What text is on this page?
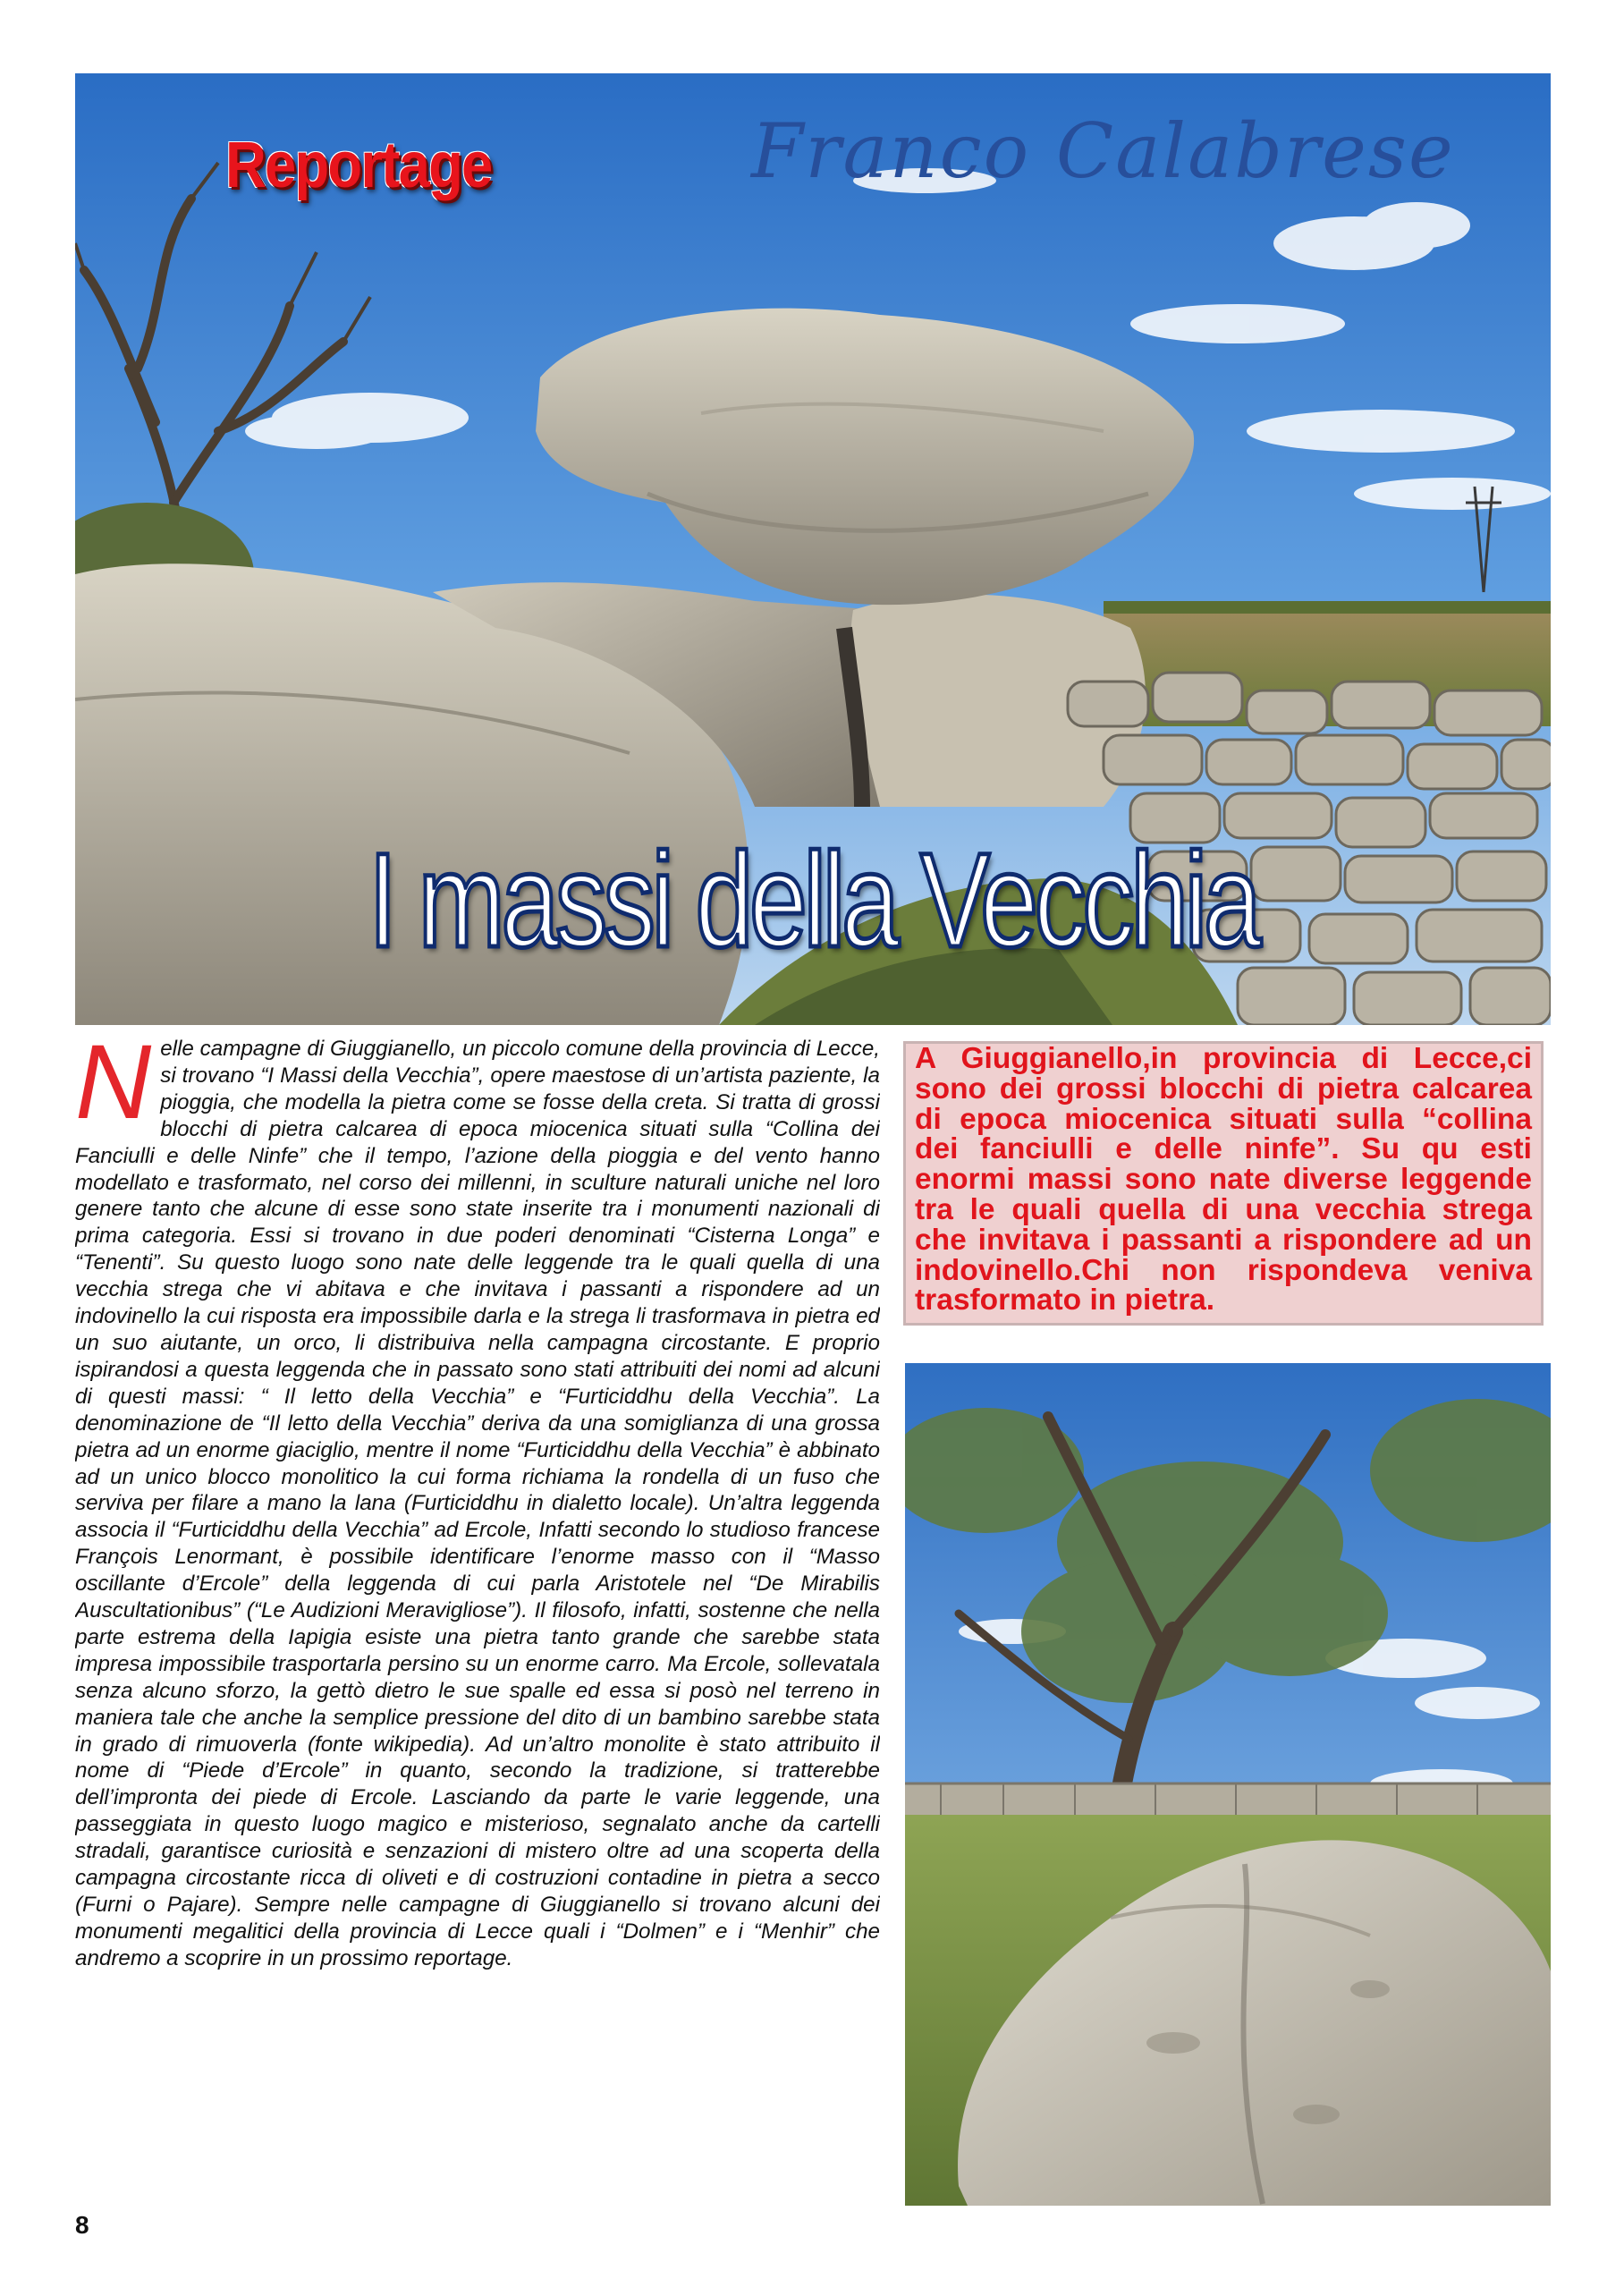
Reportage	Franco Calabrese
I massi della Vecchia
N elle campagne di Giuggianello, un piccolo comune della provincia di Lecce, si trovano “I Massi della Vecchia”, opere maestose di un’artista paziente, la pioggia, che modella la pietra come se fosse della creta. Si tratta di grossi blocchi di pietra calcarea di epoca miocenica situati sulla “Collina dei Fanciulli e delle Ninfe” che il tempo, l’azione della pioggia e del vento hanno modellato e trasformato, nel corso dei millenni, in sculture naturali uniche nel loro genere tanto che alcune di esse sono state inserite tra i monumenti nazionali di prima categoria. Essi si trovano in due poderi denominati “Cisterna Longa” e “Tenenti”. Su questo luogo sono nate delle leggende tra le quali quella di una vecchia strega che vi abitava e che invitava i passanti a rispondere ad un indovinello la cui risposta era impossibile darla e la strega li trasformava in pietra ed un suo aiutante, un orco, li distribuiva nella campagna circostante. E proprio ispirandosi a questa leggenda che in passato sono stati attribuiti dei nomi ad alcuni di questi massi: “ Il letto della Vecchia” e “Furticiddhu della Vecchia”. La denominazione de “Il letto della Vecchia” deriva da una somiglianza di una grossa pietra ad un enorme giaciglio, mentre il nome “Furticiddhu della Vecchia” è abbinato ad un unico blocco monolitico la cui forma richiama la rondella di un fuso che serviva per filare a mano la lana (Furticiddhu in dialetto locale). Un’altra leggenda associa il “Furticiddhu della Vecchia” ad Ercole, Infatti secondo lo studioso francese François Lenormant, è possibile identificare l’enorme masso con il “Masso oscillante d’Ercole” della leggenda di cui parla Aristotele nel “De Mirabilis Auscultationibus” (“Le Audizioni Meravigliose”). Il filosofo, infatti, sostenne che nella parte estrema della Iapigia esiste una pietra tanto grande che sarebbe stata impresa impossibile trasportarla persino su un enorme carro. Ma Ercole, sollevatala senza alcuno sforzo, la gettò dietro le sue spalle ed essa si posò nel terreno in maniera tale che anche la semplice pressione del dito di un bambino sarebbe stata in grado di rimuoverla (fonte wikipedia). Ad un’altro monolite è stato attribuito il nome di “Piede d’Ercole” in quanto, secondo la tradizione, si tratterebbe dell’impronta dei piede di Ercole. Lasciando da parte le varie leggende, una passeggiata in questo luogo magico e misterioso, segnalato anche da cartelli stradali, garantisce curiosità e senzazioni di mistero oltre ad una scoperta della campagna circostante ricca di oliveti e di costruzioni contadine in pietra a secco (Furni o Pajare). Sempre nelle campagne di Giuggianello si trovano alcuni dei monumenti megalitici della provincia di Lecce quali i “Dolmen” e i “Menhir” che andremo a scoprire in un prossimo reportage.

A Giuggianello,in provincia di Lecce,ci sono dei grossi blocchi di pietra calcarea di epoca miocenica situati sulla “collina dei fanciulli e delle ninfe”. Su qu esti enormi massi sono nate diverse leggende tra le quali quella di una vecchia strega che invitava i passanti a rispondere ad un indovinello.Chi non rispondeva veniva trasformato in pietra.

8
